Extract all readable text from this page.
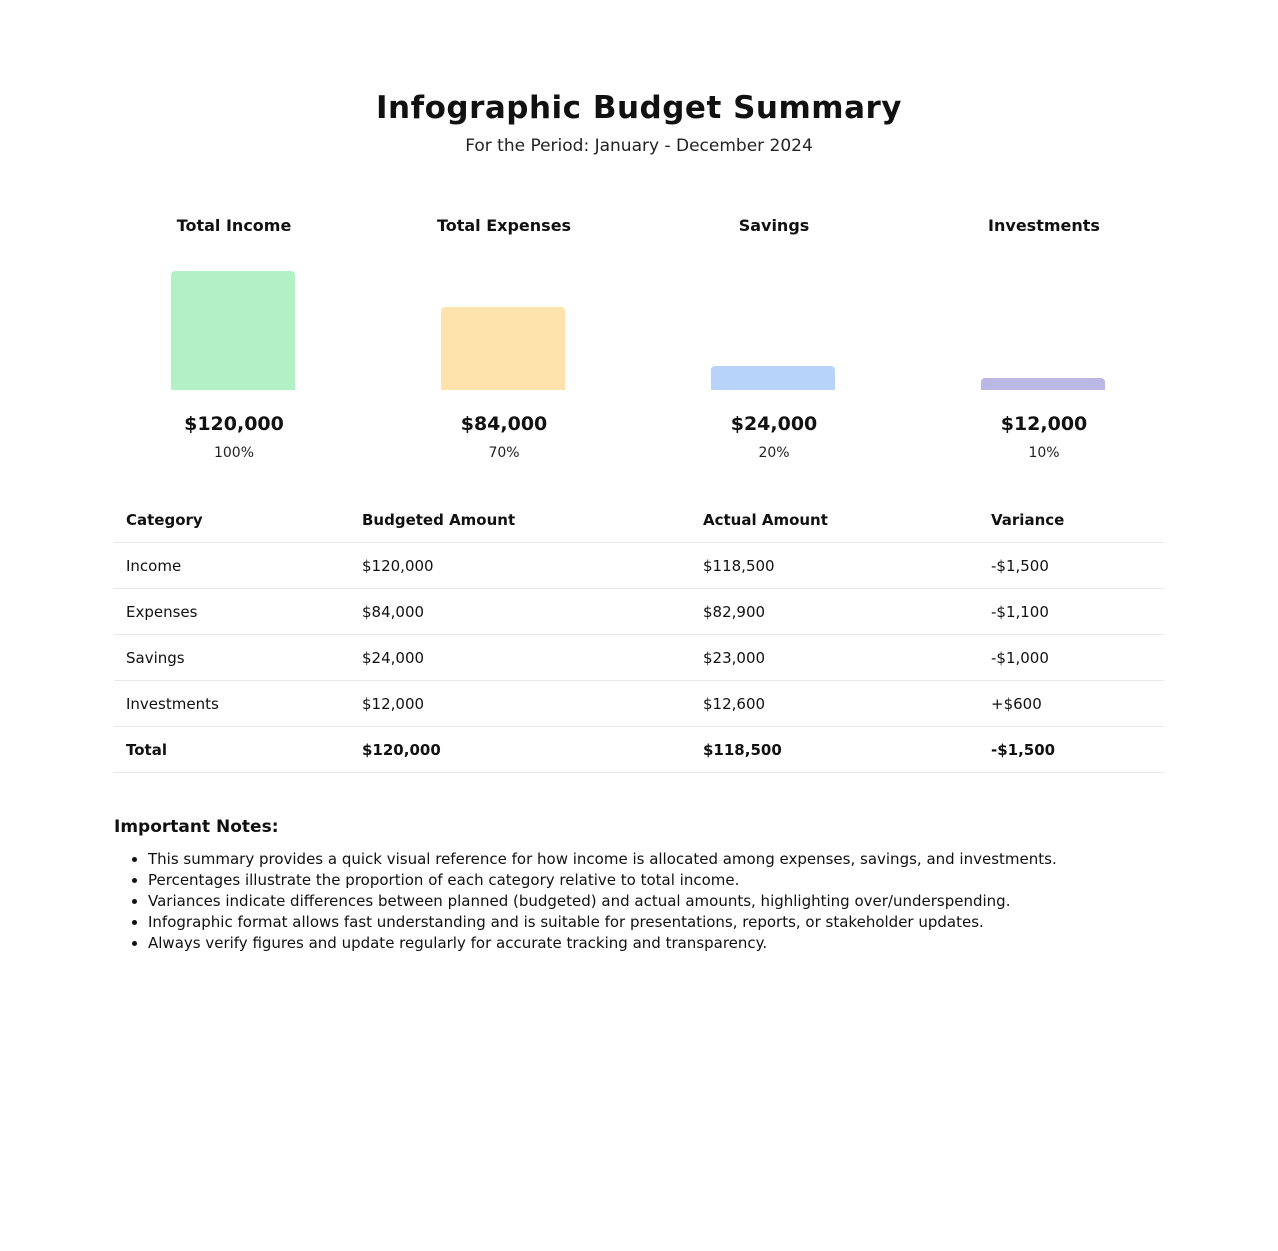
Infographic Budget Summary
For the Period: January - December 2024
Total Income
$120,000
100%
Total Expenses
$84,000
70%
Savings
$24,000
20%
Investments
$12,000
10%
Category	Budgeted Amount	Actual Amount	Variance
Income	$120,000	$118,500	-$1,500
Expenses	$84,000	$82,900	-$1,100
Savings	$24,000	$23,000	-$1,000
Investments	$12,000	$12,600	+$600
Total	$120,000	$118,500	-$1,500
Important Notes:
• This summary provides a quick visual reference for how income is allocated among expenses, savings, and investments.
• Percentages illustrate the proportion of each category relative to total income.
• Variances indicate differences between planned (budgeted) and actual amounts, highlighting over/underspending.
• Infographic format allows fast understanding and is suitable for presentations, reports, or stakeholder updates.
• Always verify figures and update regularly for accurate tracking and transparency.
